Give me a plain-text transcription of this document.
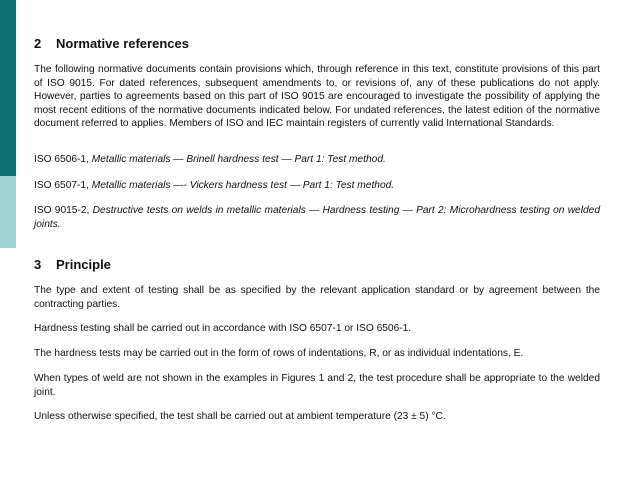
2 Normative references

The following normative documents contain provisions which, through reference in this text, constitute provisions of this part of ISO 9015. For dated references, subsequent amendments to, or revisions of, any of these publications do not apply. However, parties to agreements based on this part of ISO 9015 are encouraged to investigate the possibility of applying the most recent editions of the normative documents indicated below. For undated references, the latest edition of the normative document referred to applies. Members of ISO and IEC maintain registers of currently valid International Standards.

ISO 6506-1, Metallic materials — Brinell hardness test — Part 1: Test method.

ISO 6507-1, Metallic materials —- Vickers hardness test — Part 1: Test method.

ISO 9015-2, Destructive tests on welds in metallic materials — Hardness testing — Part 2: Microhardness testing on welded joints.

3 Principle

The type and extent of testing shall be as specified by the relevant application standard or by agreement between the contracting parties.

Hardness testing shall be carried out in accordance with ISO 6507-1 or ISO 6506-1.

The hardness tests may be carried out in the form of rows of indentations, R, or as individual indentations, E.

When types of weld are not shown in the examples in Figures 1 and 2, the test procedure shall be appropriate to the welded joint.

Unless otherwise specified, the test shall be carried out at ambient temperature (23 ± 5) °C.
